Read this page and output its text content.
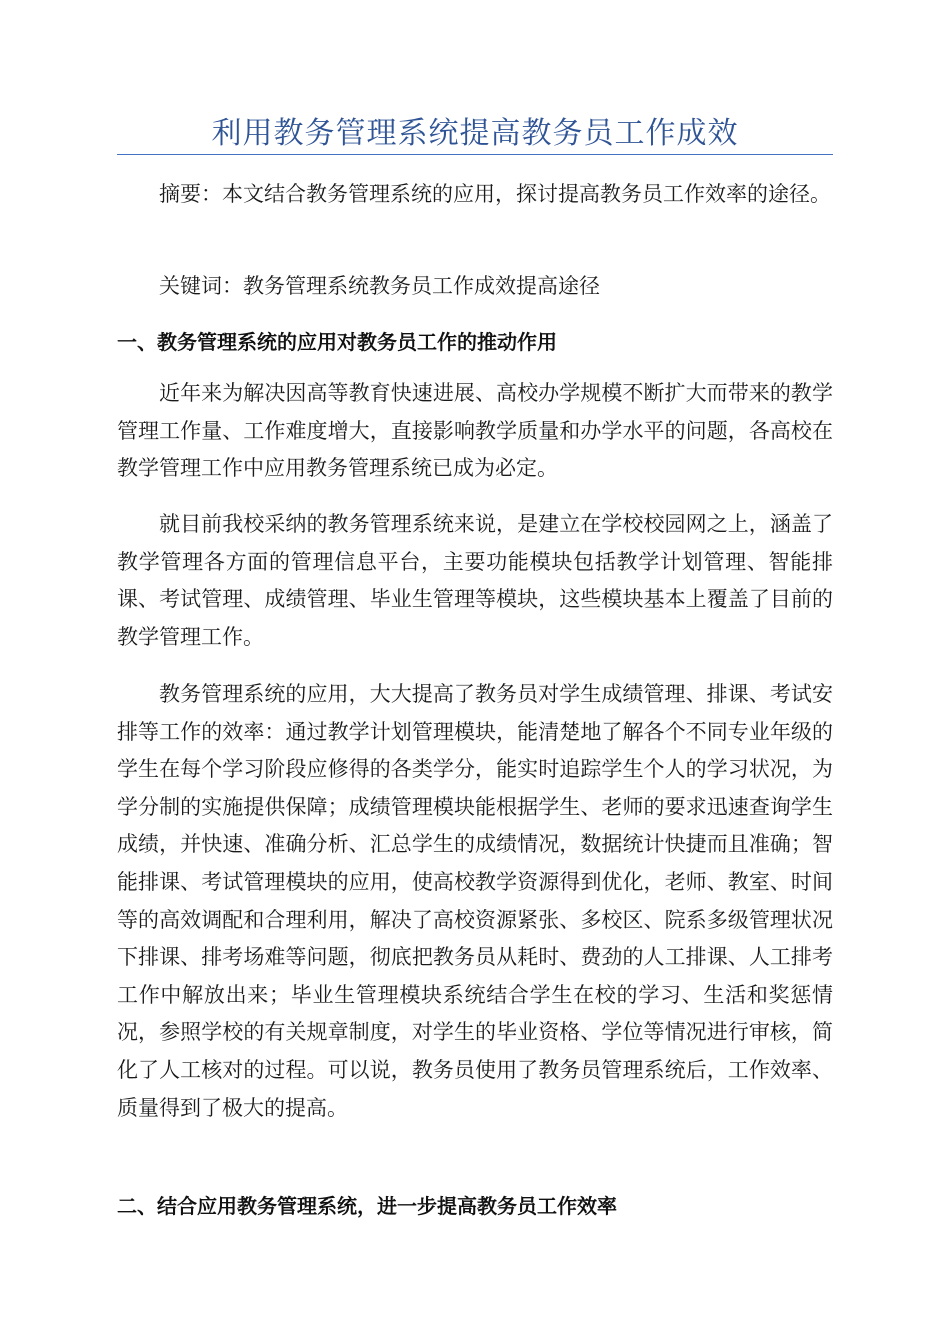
利用教务管理系统提高教务员工作成效

摘要：本文结合教务管理系统的应用，探讨提高教务员工作效率的途径。

关键词：教务管理系统教务员工作成效提高途径

一、教务管理系统的应用对教务员工作的推动作用

近年来为解决因高等教育快速进展、高校办学规模不断扩大而带来的教学管理工作量、工作难度增大，直接影响教学质量和办学水平的问题，各高校在教学管理工作中应用教务管理系统已成为必定。

就目前我校采纳的教务管理系统来说，是建立在学校校园网之上，涵盖了教学管理各方面的管理信息平台，主要功能模块包括教学计划管理、智能排课、考试管理、成绩管理、毕业生管理等模块，这些模块基本上覆盖了目前的教学管理工作。

教务管理系统的应用，大大提高了教务员对学生成绩管理、排课、考试安排等工作的效率：通过教学计划管理模块，能清楚地了解各个不同专业年级的学生在每个学习阶段应修得的各类学分，能实时追踪学生个人的学习状况，为学分制的实施提供保障；成绩管理模块能根据学生、老师的要求迅速查询学生成绩，并快速、准确分析、汇总学生的成绩情况，数据统计快捷而且准确；智能排课、考试管理模块的应用，使高校教学资源得到优化，老师、教室、时间等的高效调配和合理利用，解决了高校资源紧张、多校区、院系多级管理状况下排课、排考场难等问题，彻底把教务员从耗时、费劲的人工排课、人工排考工作中解放出来；毕业生管理模块系统结合学生在校的学习、生活和奖惩情况，参照学校的有关规章制度，对学生的毕业资格、学位等情况进行审核，简化了人工核对的过程。可以说，教务员使用了教务员管理系统后，工作效率、质量得到了极大的提高。

二、结合应用教务管理系统，进一步提高教务员工作效率
